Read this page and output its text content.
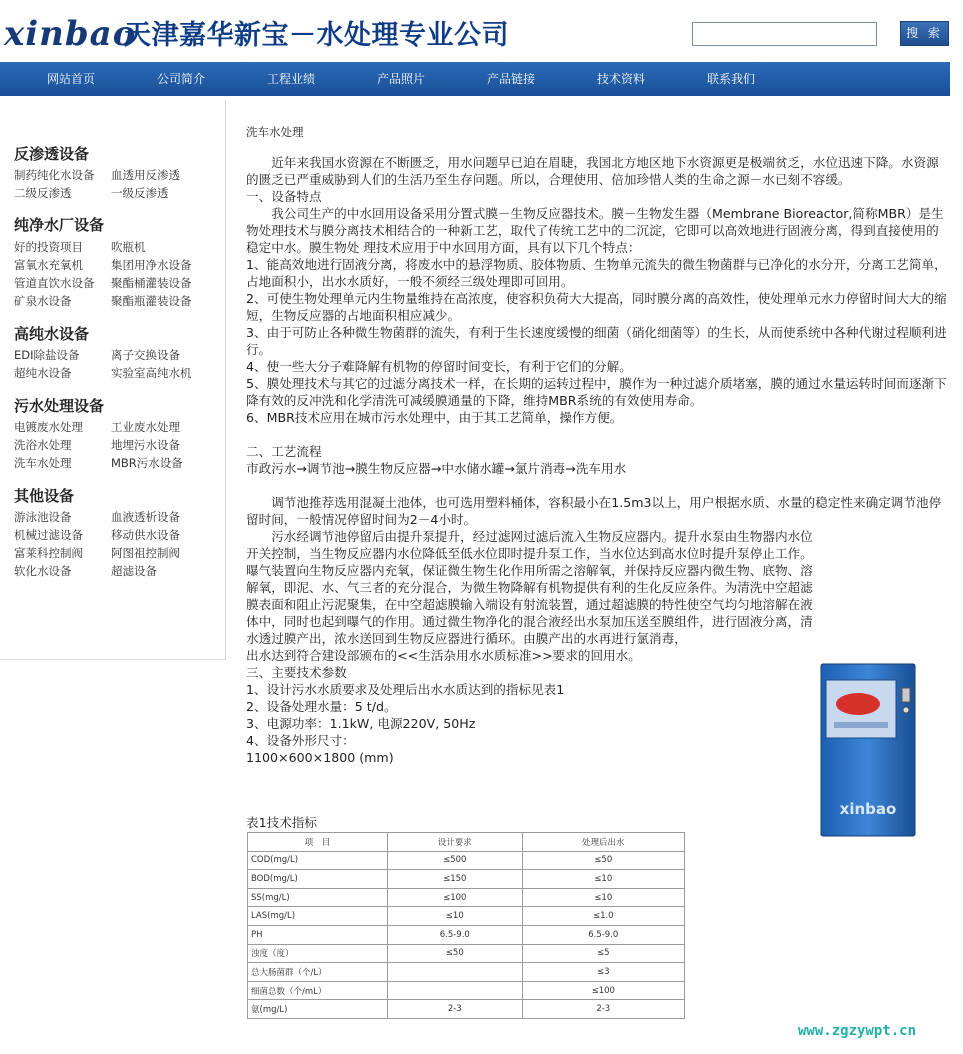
xinbao
天津嘉华新宝－水处理专业公司	搜 索
网站首页	公司简介	工程业绩	产品照片	产品链接	技术资料	联系我们
反渗透设备
制药纯化水设备 血透用反渗透
二级反渗透	一级反渗透
纯净水厂设备
好的投资项目 吹瓶机
富氧水充氧机 集团用净水设备
管道直饮水设备 聚酯桶灌装设备
矿泉水设备	聚酯瓶灌装设备
高纯水设备
EDI除盐设备	离子交换设备
超纯水设备	实验室高纯水机
污水处理设备
电镀废水处理 工业废水处理
洗浴水处理	地埋污水设备
洗车水处理	MBR污水设备
其他设备
游泳池设备	血液透析设备
机械过滤设备 移动供水设备
富莱科控制阀 阿图祖控制阀
软化水设备	超滤设备
洗车水处理

　　近年来我国水资源在不断匮乏，用水问题早已迫在眉睫，我国北方地区地下水资源更是极端贫乏，水位迅速下降。水资源的匮乏已严重威胁到人们的生活乃至生存问题。所以，合理使用、倍加珍惜人类的生命之源－水已刻不容缓。

一、设备特点

　　我公司生产的中水回用设备采用分置式膜－生物反应器技术。膜－生物发生器（Membrane Bioreactor,简称MBR）是生物处理技术与膜分离技术相结合的一种新工艺，取代了传统工艺中的二沉淀，它即可以高效地进行固液分离，得到直接使用的稳定中水。膜生物处 理技术应用于中水回用方面，具有以下几个特点：

1、能高效地进行固液分离，将废水中的悬浮物质、胶体物质、生物单元流失的微生物菌群与已净化的水分开，分离工艺简单，占地面积小，出水水质好，一般不须经三级处理即可回用。

2、可使生物处理单元内生物量维持在高浓度，使容积负荷大大提高，同时膜分离的高效性，使处理单元水力停留时间大大的缩短，生物反应器的占地面积相应减少。

3、由于可防止各种微生物菌群的流失，有利于生长速度缓慢的细菌（硝化细菌等）的生长，从而使系统中各种代谢过程顺利进行。

4、使一些大分子难降解有机物的停留时间变长，有利于它们的分解。

5、膜处理技术与其它的过滤分离技术一样，在长期的运转过程中，膜作为一种过滤介质堵塞，膜的通过水量运转时间而逐渐下降有效的反冲洗和化学清洗可减缓膜通量的下降，维持MBR系统的有效使用寿命。

6、MBR技术应用在城市污水处理中，由于其工艺简单，操作方便。

二、工艺流程

市政污水→调节池→膜生物反应器→中水储水罐→氯片消毒→洗车用水

　　调节池推荐选用混凝土池体，也可选用塑料桶体，容积最小在1.5m3以上，用户根据水质、水量的稳定性来确定调节池停留时间，一般情况停留时间为2－4小时。

　　污水经调节池停留后由提升泵提升，经过滤网过滤后流入生物反应器内。提升水泵由生物器内水位开关控制，当生物反应器内水位降低至低水位即时提升泵工作，当水位达到高水位时提升泵停止工作。曝气装置向生物反应器内充氧，保证微生物生化作用所需之溶解氧，并保持反应器内微生物、底物、溶解氧，即泥、水、气三者的充分混合，为微生物降解有机物提供有利的生化反应条件。为清洗中空超滤膜表面和阻止污泥聚集，在中空超滤膜输入端设有射流装置，通过超滤膜的特性使空气均匀地溶解在液体中，同时也起到曝气的作用。通过微生物净化的混合液经出水泵加压送至膜组件，进行固液分离，清水透过膜产出，浓水送回到生物反应器进行循环。由膜产出的水再进行氯消毒，

出水达到符合建设部颁布的<<生活杂用水水质标准>>要求的回用水。

三、主要技术参数

1、设计污水水质要求及处理后出水水质达到的指标见表1

2、设备处理水量：5 t/d。

3、电源功率：1.1kW, 电源220V, 50Hz

4、设备外形尺寸：

1100×600×1800 (mm)

xinbao
表1技术指标
项　目	设计要求	处理后出水
COD(mg/L)	≤500	≤50
BOD(mg/L)	≤150	≤10
SS(mg/L)	≤100	≤10
LAS(mg/L)	≤10	≤1.0
PH	6.5-9.0	6.5-9.0
浊度（度）	≤50	≤5
总大肠菌群（个/L）		≤3
细菌总数（个/mL）		≤100
氨(mg/L)	2-3	2-3
www.zgzywpt.cn
